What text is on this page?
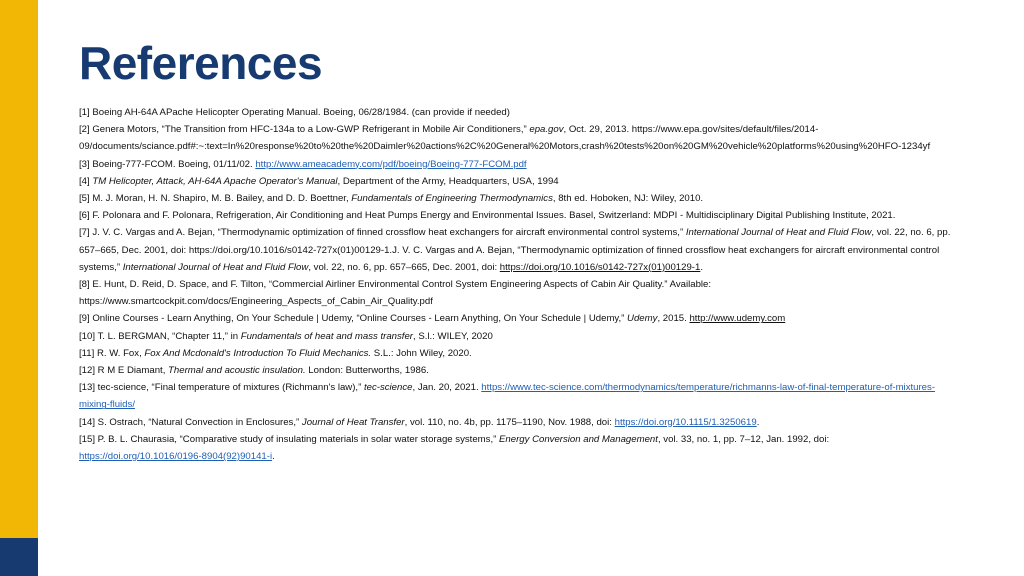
References

[1] Boeing AH-64A APache Helicopter Operating Manual. Boeing, 06/28/1984. (can provide if needed)

[2] Genera Motors, “The Transition from HFC-134a to a Low-GWP Refrigerant in Mobile Air Conditioners,” epa.gov, Oct. 29, 2013. https://www.epa.gov/sites/default/files/2014-09/documents/sciance.pdf#:~:text=In%20response%20to%20the%20Daimler%20actions%2C%20General%20Motors,crash%20tests%20on%20GM%20vehicle%20platforms%20using%20HFO-1234yf

[3] Boeing-777-FCOM. Boeing, 01/11/02. http://www.ameacademy.com/pdf/boeing/Boeing-777-FCOM.pdf

[4] TM Helicopter, Attack, AH-64A Apache Operator's Manual, Department of the Army, Headquarters, USA, 1994

[5] M. J. Moran, H. N. Shapiro, M. B. Bailey, and D. D. Boettner, Fundamentals of Engineering Thermodynamics, 8th ed. Hoboken, NJ: Wiley, 2010.

[6] F. Polonara and F. Polonara, Refrigeration, Air Conditioning and Heat Pumps Energy and Environmental Issues. Basel, Switzerland: MDPI - Multidisciplinary Digital Publishing Institute, 2021.

[7] J. V. C. Vargas and A. Bejan, “Thermodynamic optimization of finned crossflow heat exchangers for aircraft environmental control systems,” International Journal of Heat and Fluid Flow, vol. 22, no. 6, pp. 657–665, Dec. 2001, doi: https://doi.org/10.1016/s0142-727x(01)00129-1.J. V. C. Vargas and A. Bejan, “Thermodynamic optimization of finned crossflow heat exchangers for aircraft environmental control systems,” International Journal of Heat and Fluid Flow, vol. 22, no. 6, pp. 657–665, Dec. 2001, doi: https://doi.org/10.1016/s0142-727x(01)00129-1.

[8] E. Hunt, D. Reid, D. Space, and F. Tilton, “Commercial Airliner Environmental Control System Engineering Aspects of Cabin Air Quality.” Available: https://www.smartcockpit.com/docs/Engineering_Aspects_of_Cabin_Air_Quality.pdf

[9] Online Courses - Learn Anything, On Your Schedule | Udemy, “Online Courses - Learn Anything, On Your Schedule | Udemy,” Udemy, 2015. http://www.udemy.com

[10] T. L. BERGMAN, “Chapter 11,” in Fundamentals of heat and mass transfer, S.l.: WILEY, 2020

[11] R. W. Fox, Fox And Mcdonald's Introduction To Fluid Mechanics. S.L.: John Wiley, 2020.

[12] R M E Diamant, Thermal and acoustic insulation. London: Butterworths, 1986.

[13] tec-science, “Final temperature of mixtures (Richmann's law),” tec-science, Jan. 20, 2021. https://www.tec-science.com/thermodynamics/temperature/richmanns-law-of-final-temperature-of-mixtures-mixing-fluids/

[14] S. Ostrach, “Natural Convection in Enclosures,” Journal of Heat Transfer, vol. 110, no. 4b, pp. 1175–1190, Nov. 1988, doi: https://doi.org/10.1115/1.3250619.

[15] P. B. L. Chaurasia, “Comparative study of insulating materials in solar water storage systems,” Energy Conversion and Management, vol. 33, no. 1, pp. 7–12, Jan. 1992, doi: https://doi.org/10.1016/0196-8904(92)90141-i.
